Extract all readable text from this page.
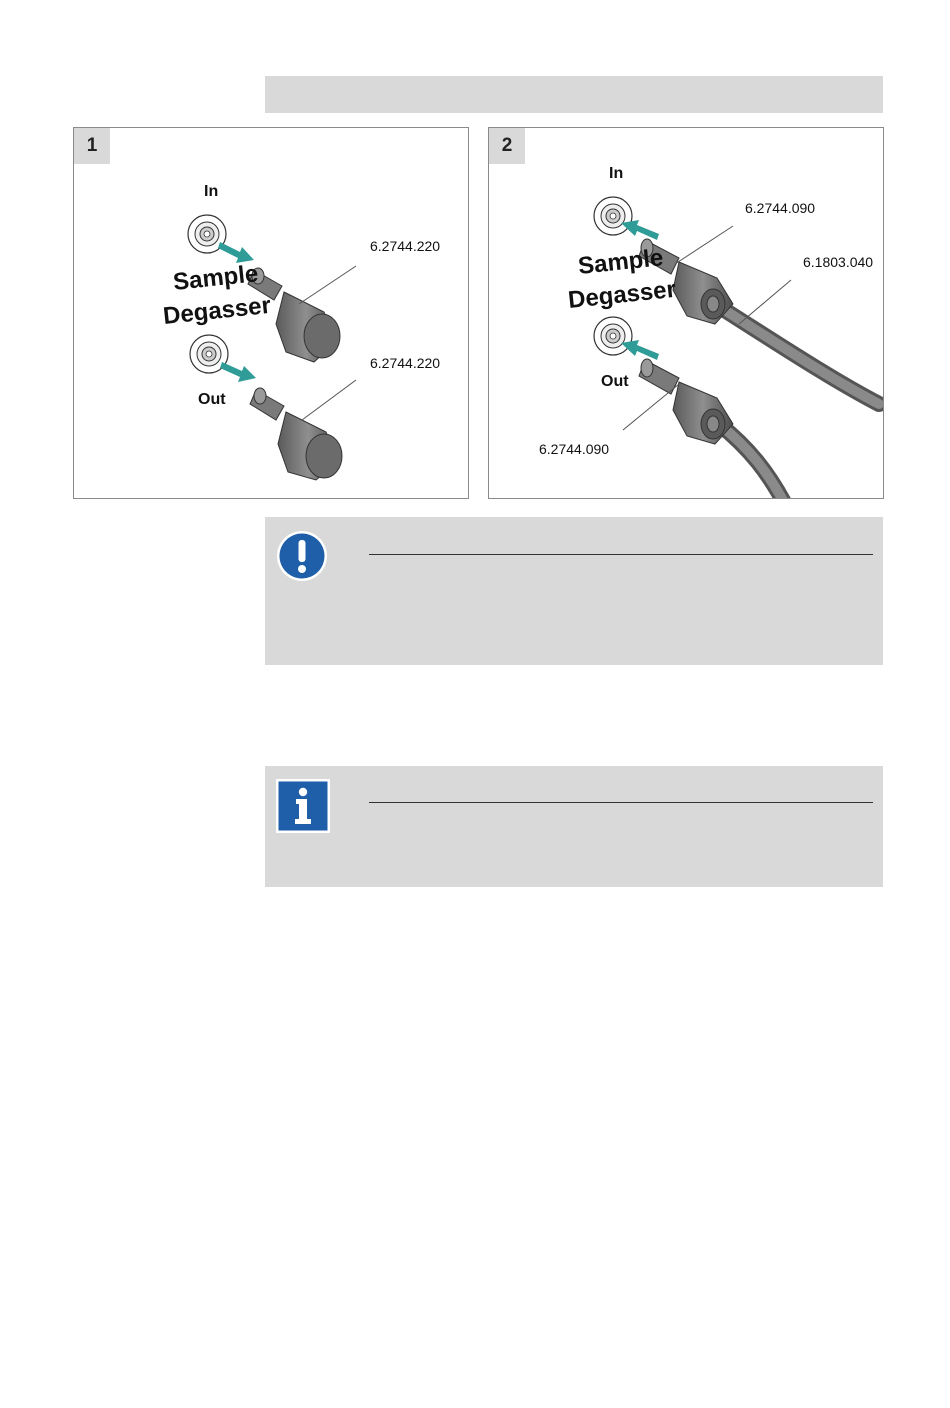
1
In
Out
Sample
Degasser
6.2744.220
6.2744.220
2
In
Out
Sample
Degasser
6.2744.090
6.1803.040
6.2744.090
